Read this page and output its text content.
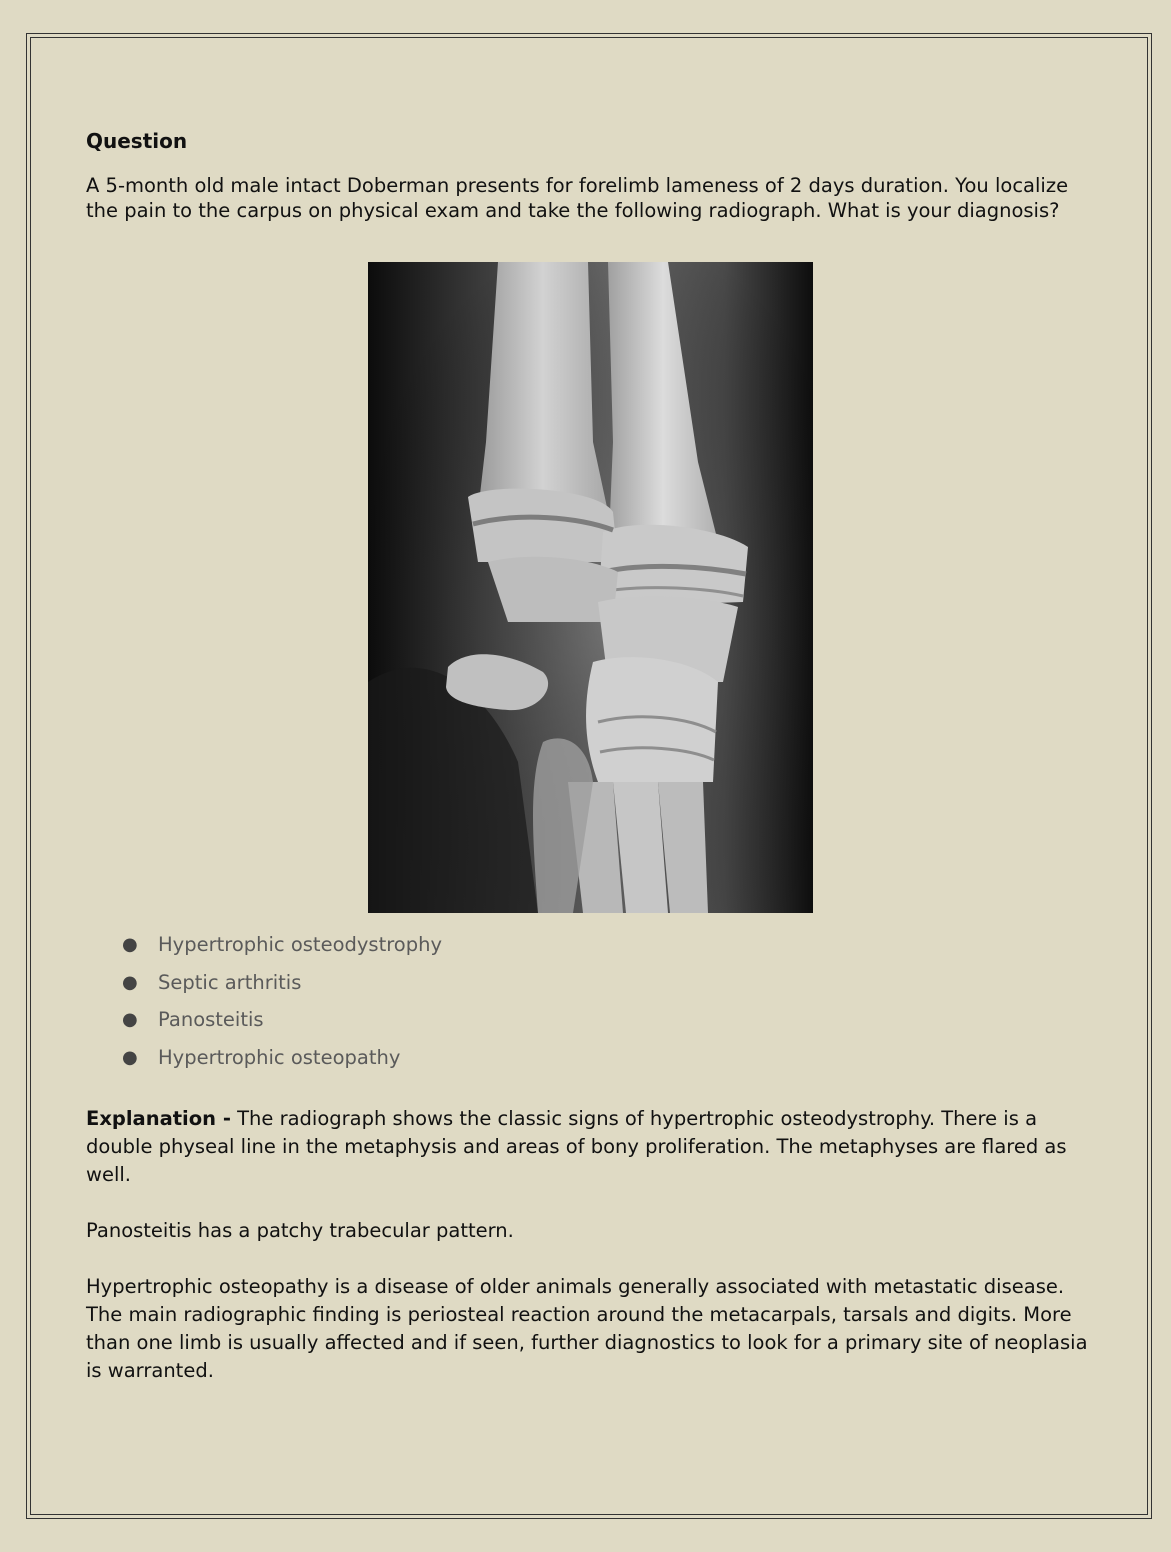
Question

A 5-month old male intact Doberman presents for forelimb lameness of 2 days duration. You localize the pain to the carpus on physical exam and take the following radiograph. What is your diagnosis?

● Hypertrophic osteodystrophy
● Septic arthritis
● Panosteitis
● Hypertrophic osteopathy

Explanation - The radiograph shows the classic signs of hypertrophic osteodystrophy. There is a double physeal line in the metaphysis and areas of bony proliferation. The metaphyses are flared as well.

Panosteitis has a patchy trabecular pattern.

Hypertrophic osteopathy is a disease of older animals generally associated with metastatic disease. The main radiographic finding is periosteal reaction around the metacarpals, tarsals and digits. More than one limb is usually affected and if seen, further diagnostics to look for a primary site of neoplasia is warranted.
